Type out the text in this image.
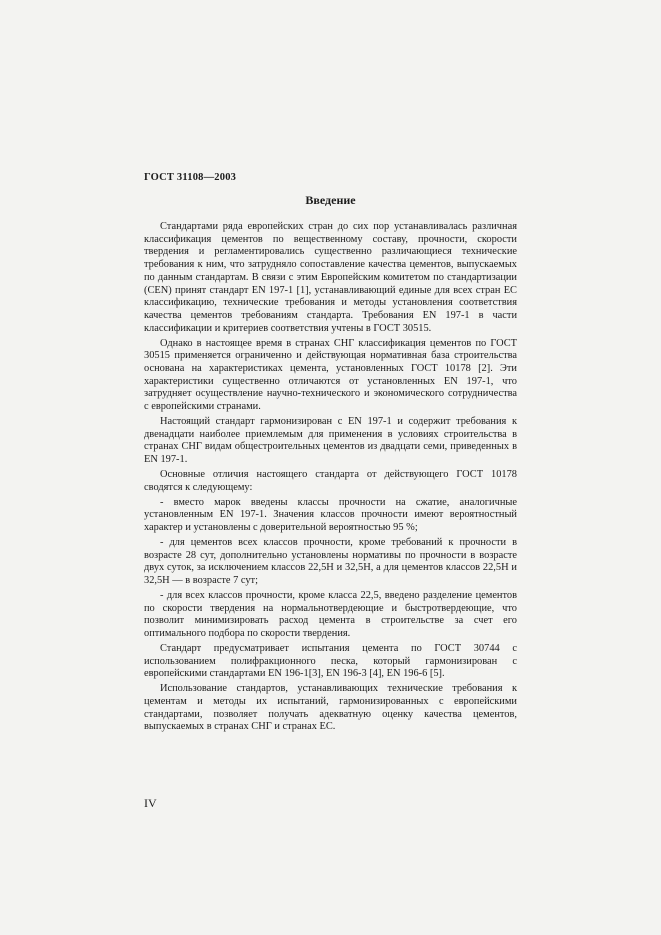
ГОСТ 31108—2003
Введение

Стандартами ряда европейских стран до сих пор устанавливалась различная классификация цементов по вещественному составу, прочности, скорости твердения и регламентировались существенно различающиеся технические требования к ним, что затрудняло сопоставление качества цементов, выпускаемых по данным стандартам. В связи с этим Европейским комитетом по стандартизации (CEN) принят стандарт EN 197-1 [1], устанавливающий единые для всех стран ЕС классификацию, технические требования и методы установления соответствия качества цементов требованиям стандарта. Требования EN 197-1 в части классификации и критериев соответствия учтены в ГОСТ 30515.

Однако в настоящее время в странах СНГ классификация цементов по ГОСТ 30515 применяется ограниченно и действующая нормативная база строительства основана на характеристиках цемента, установленных ГОСТ 10178 [2]. Эти характеристики существенно отличаются от установленных EN 197-1, что затрудняет осуществление научно-технического и экономического сотрудничества с европейскими странами.

Настоящий стандарт гармонизирован с EN 197-1 и содержит требования к двенадцати наиболее приемлемым для применения в условиях строительства в странах СНГ видам общестроительных цементов из двадцати семи, приведенных в EN 197-1.

Основные отличия настоящего стандарта от действующего ГОСТ 10178 сводятся к следующему:

- вместо марок введены классы прочности на сжатие, аналогичные установленным EN 197-1. Значения классов прочности имеют вероятностный характер и установлены с доверительной вероятностью 95 %;

- для цементов всех классов прочности, кроме требований к прочности в возрасте 28 сут, дополнительно установлены нормативы по прочности в возрасте двух суток, за исключением классов 22,5Н и 32,5Н, а для цементов классов 22,5Н и 32,5Н — в возрасте 7 сут;

- для всех классов прочности, кроме класса 22,5, введено разделение цементов по скорости твердения на нормальнотвердеющие и быстротвердеющие, что позволит минимизировать расход цемента в строительстве за счет его оптимального подбора по скорости твердения.

Стандарт предусматривает испытания цемента по ГОСТ 30744 с использованием полифракционного песка, который гармонизирован с европейскими стандартами EN 196-1[3], EN 196-3 [4], EN 196-6 [5].

Использование стандартов, устанавливающих технические требования к цементам и методы их испытаний, гармонизированных с европейскими стандартами, позволяет получать адекватную оценку качества цементов, выпускаемых в странах СНГ и странах ЕС.

IV
